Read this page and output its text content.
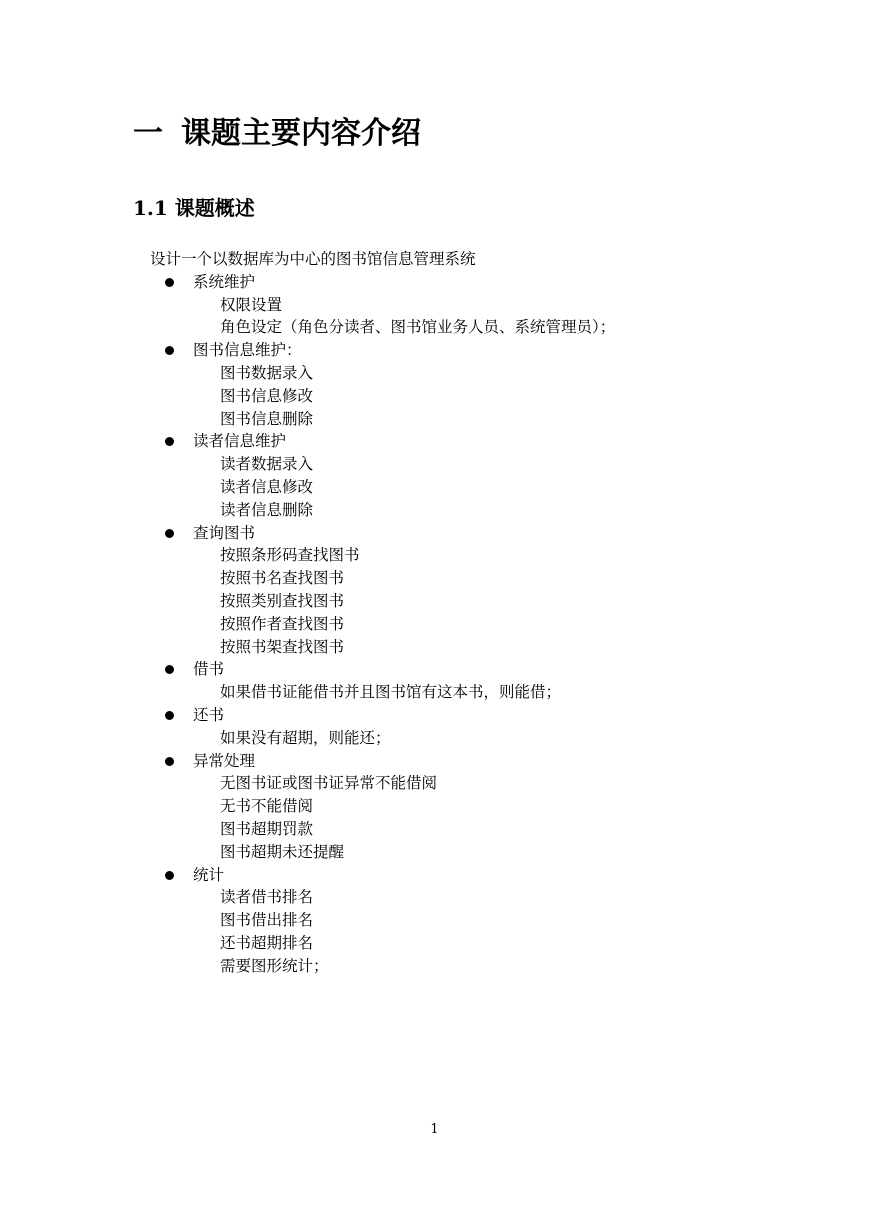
一 课题主要内容介绍
1.1 课题概述
设计一个以数据库为中心的图书馆信息管理系统
系统维护
权限设置
角色设定（角色分读者、图书馆业务人员、系统管理员）；
图书信息维护：
图书数据录入
图书信息修改
图书信息删除
读者信息维护
读者数据录入
读者信息修改
读者信息删除
查询图书
按照条形码查找图书
按照书名查找图书
按照类别查找图书
按照作者查找图书
按照书架查找图书
借书
如果借书证能借书并且图书馆有这本书，则能借；
还书
如果没有超期，则能还；
异常处理
无图书证或图书证异常不能借阅
无书不能借阅
图书超期罚款
图书超期未还提醒
统计
读者借书排名
图书借出排名
还书超期排名
需要图形统计；
1
